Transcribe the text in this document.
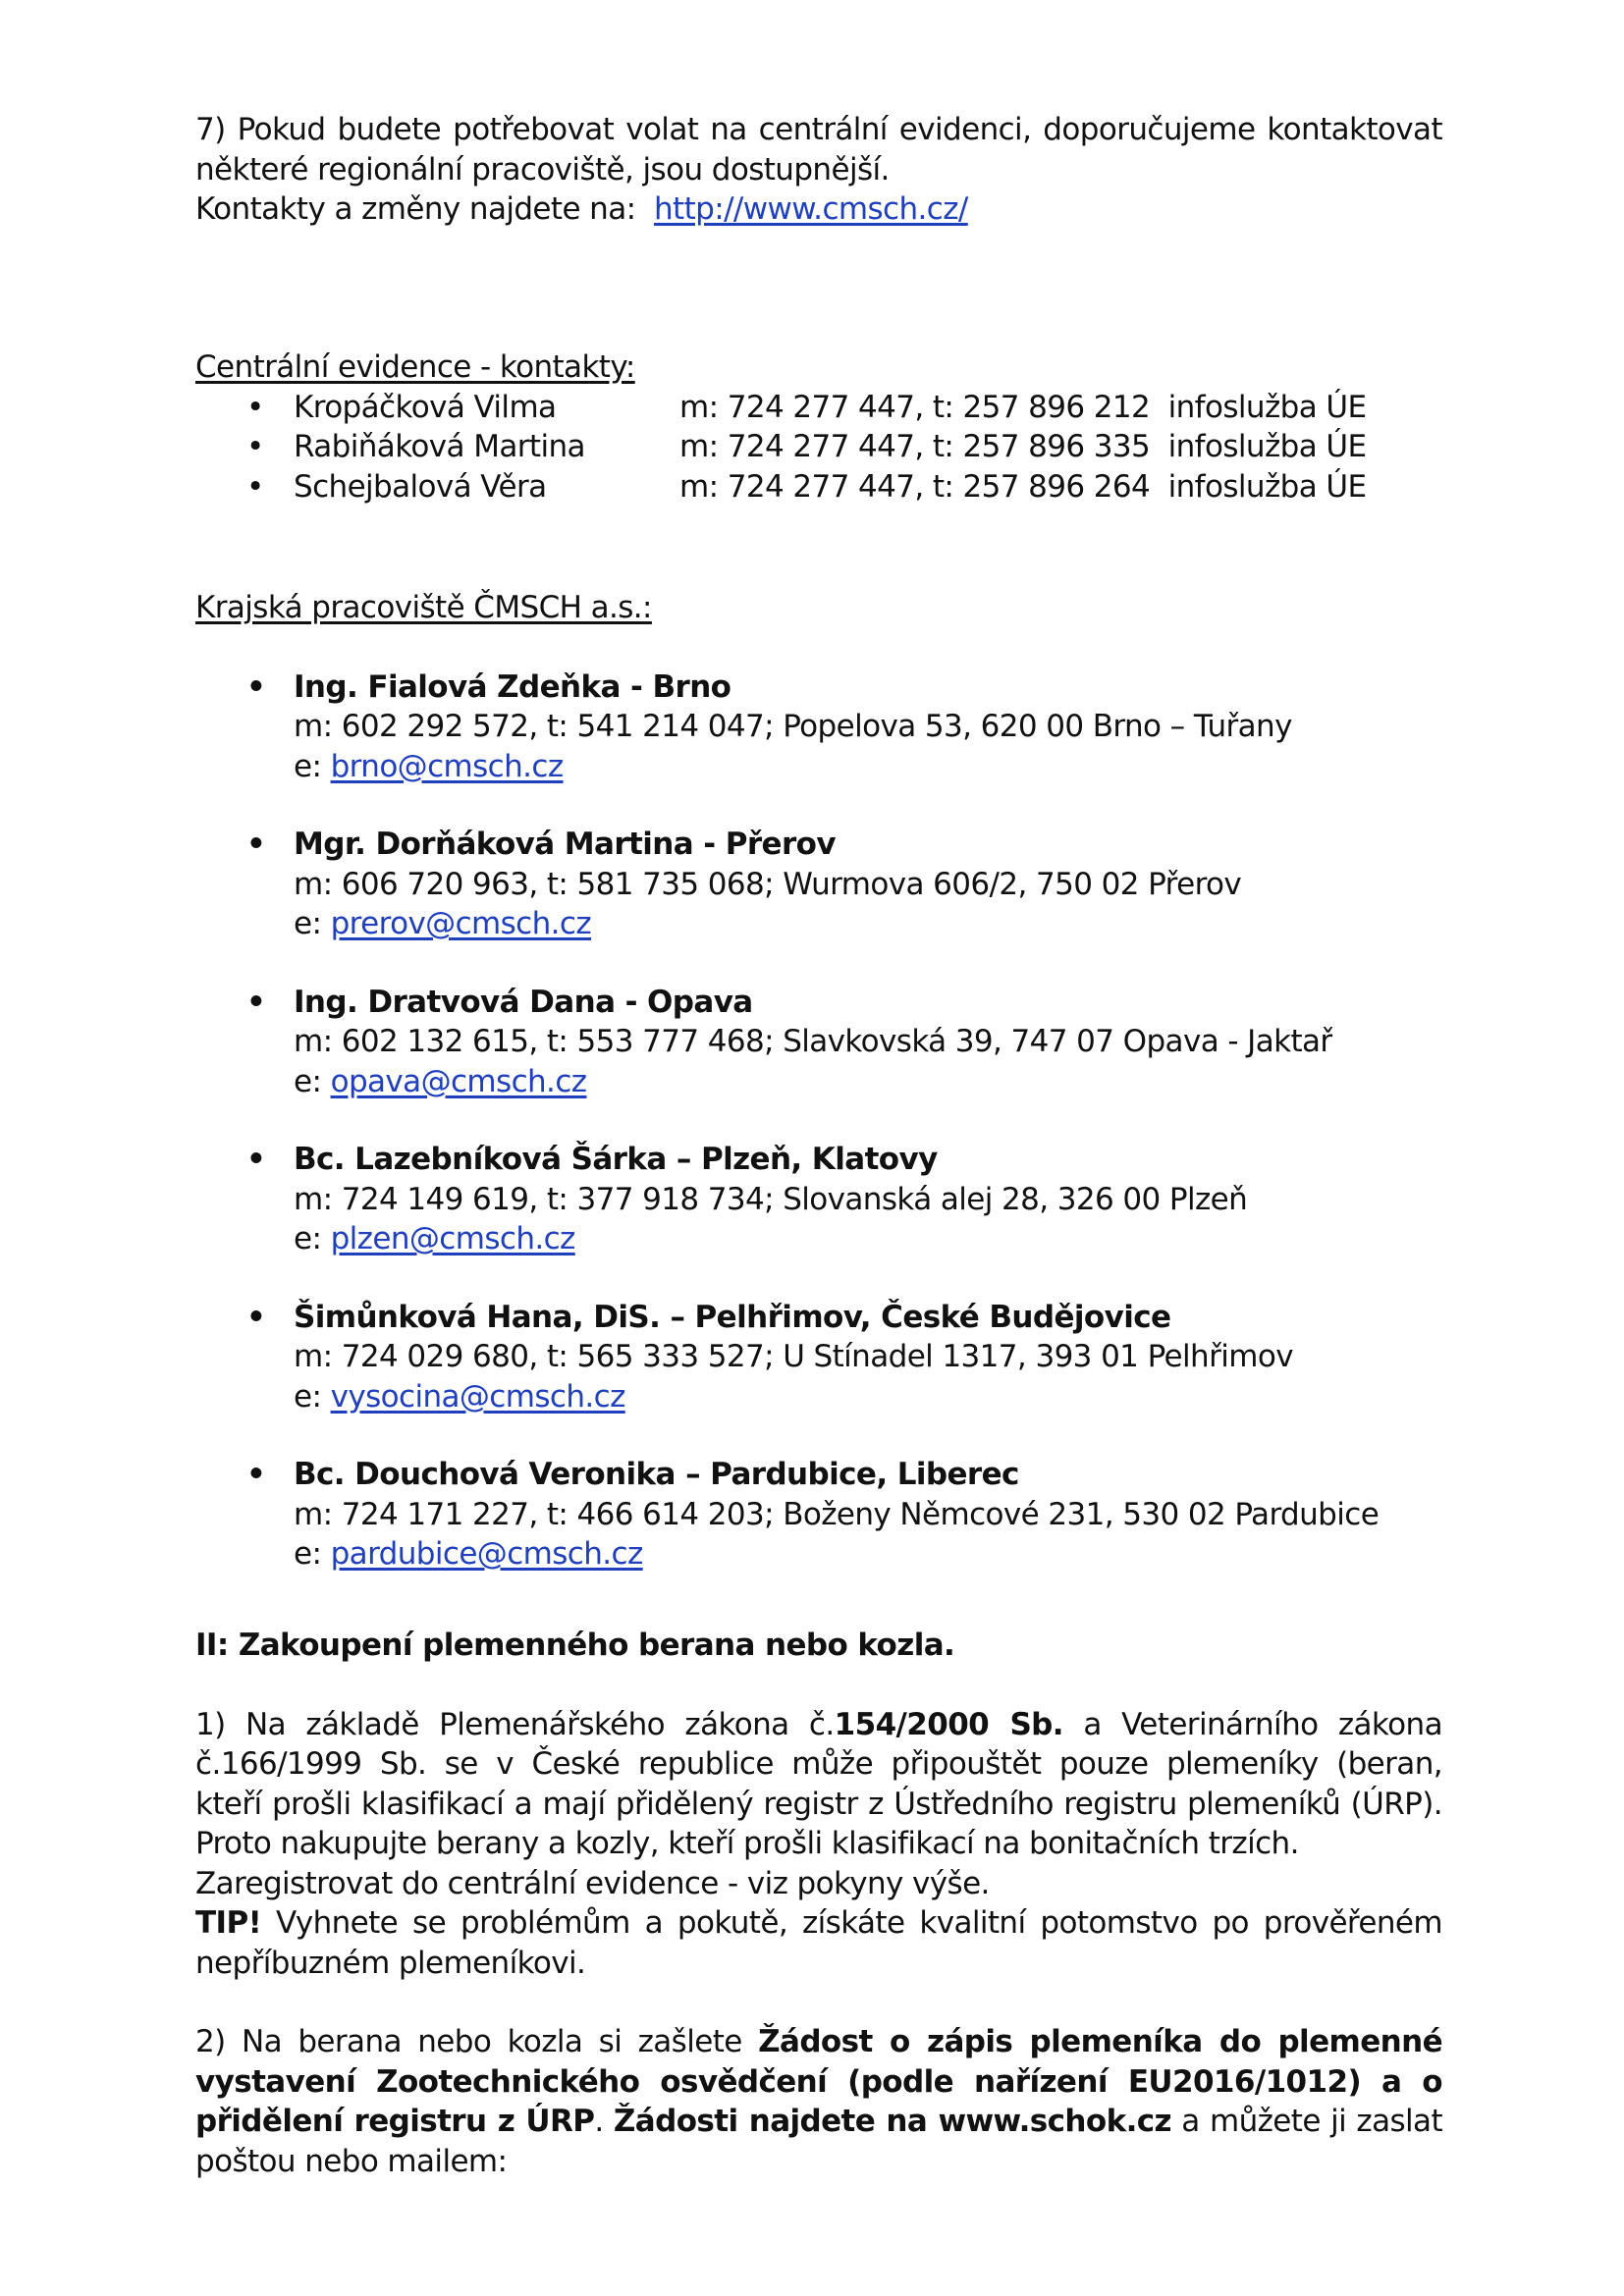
7) Pokud budete potřebovat volat na centrální evidenci, doporučujeme kontaktovat
některé regionální pracoviště, jsou dostupnější.
Kontakty a změny najdete na: http://www.cmsch.cz/
Centrální evidence - kontakty:
• Kropáčková Vilma	m: 724 277 447, t: 257 896 212 infoslužba ÚE
• Rabiňáková Martina	m: 724 277 447, t: 257 896 335 infoslužba ÚE
• Schejbalová Věra	m: 724 277 447, t: 257 896 264 infoslužba ÚE
Krajská pracoviště ČMSCH a.s.:
• Ing. Fialová Zdeňka - Brno
m: 602 292 572, t: 541 214 047; Popelova 53, 620 00 Brno – Tuřany
e: brno@cmsch.cz
• Mgr. Dorňáková Martina - Přerov
m: 606 720 963, t: 581 735 068; Wurmova 606/2, 750 02 Přerov
e: prerov@cmsch.cz
• Ing. Dratvová Dana - Opava
m: 602 132 615, t: 553 777 468; Slavkovská 39, 747 07 Opava - Jaktař
e: opava@cmsch.cz
• Bc. Lazebníková Šárka – Plzeň, Klatovy
m: 724 149 619, t: 377 918 734; Slovanská alej 28, 326 00 Plzeň
e: plzen@cmsch.cz
• Šimůnková Hana, DiS. – Pelhřimov, České Budějovice
m: 724 029 680, t: 565 333 527; U Stínadel 1317, 393 01 Pelhřimov
e: vysocina@cmsch.cz
• Bc. Douchová Veronika – Pardubice, Liberec
m: 724 171 227, t: 466 614 203; Boženy Němcové 231, 530 02 Pardubice
e: pardubice@cmsch.cz
II: Zakoupení plemenného berana nebo kozla.
1) Na základě Plemenářského zákona č.154/2000 Sb. a Veterinárního zákona
č.166/1999 Sb. se v České republice může připouštět pouze plemeníky (beran,
kteří prošli klasifikací a mají přidělený registr z Ústředního registru plemeníků (ÚRP).
Proto nakupujte berany a kozly, kteří prošli klasifikací na bonitačních trzích.
Zaregistrovat do centrální evidence - viz pokyny výše.
TIP! Vyhnete se problémům a pokutě, získáte kvalitní potomstvo po prověřeném
nepříbuzném plemeníkovi.
2) Na berana nebo kozla si zašlete Žádost o zápis plemeníka do plemenné
vystavení Zootechnického osvědčení (podle nařízení EU2016/1012) a o
přidělení registru z ÚRP. Žádosti najdete na www.schok.cz a můžete ji zaslat
poštou nebo mailem:
